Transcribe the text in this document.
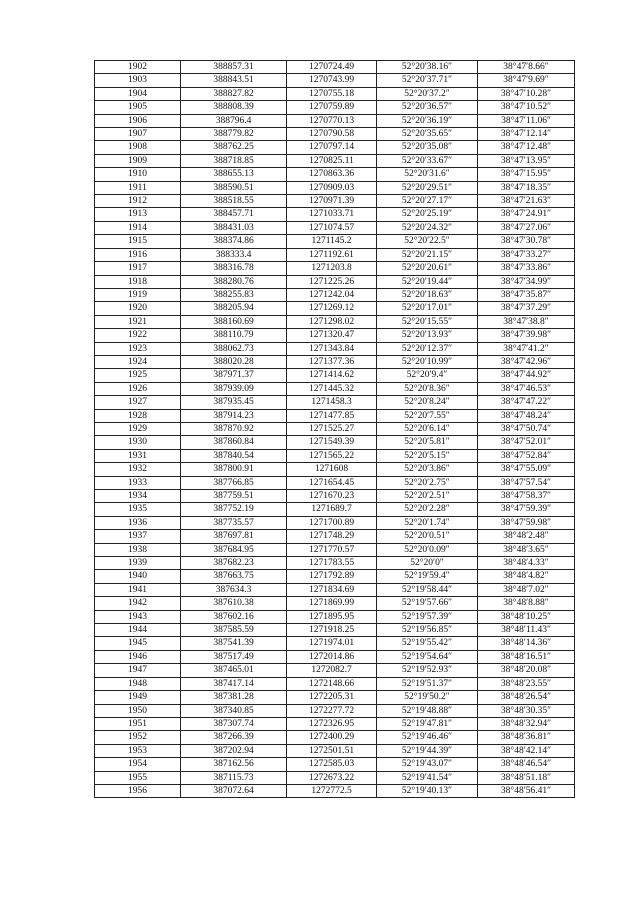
1902	388857.31	1270724.49	52°20′38.16″	38°47′8.66″
1903	388843.51	1270743.99	52°20′37.71″	38°47′9.69″
1904	388827.82	1270755.18	52°20′37.2″	38°47′10.28″
1905	388808.39	1270759.89	52°20′36.57″	38°47′10.52″
1906	388796.4	1270770.13	52°20′36.19″	38°47′11.06″
1907	388779.82	1270790.58	52°20′35.65″	38°47′12.14″
1908	388762.25	1270797.14	52°20′35.08″	38°47′12.48″
1909	388718.85	1270825.11	52°20′33.67″	38°47′13.95″
1910	388655.13	1270863.36	52°20′31.6″	38°47′15.95″
1911	388590.51	1270909.03	52°20′29.51″	38°47′18.35″
1912	388518.55	1270971.39	52°20′27.17″	38°47′21.63″
1913	388457.71	1271033.71	52°20′25.19″	38°47′24.91″
1914	388431.03	1271074.57	52°20′24.32″	38°47′27.06″
1915	388374.86	1271145.2	52°20′22.5″	38°47′30.78″
1916	388333.4	1271192.61	52°20′21.15″	38°47′33.27″
1917	388316.78	1271203.8	52°20′20.61″	38°47′33.86″
1918	388280.76	1271225.26	52°20′19.44″	38°47′34.99″
1919	388255.83	1271242.04	52°20′18.63″	38°47′35.87″
1920	388205.94	1271269.12	52°20′17.01″	38°47′37.29″
1921	388160.69	1271298.02	52°20′15.55″	38°47′38.8″
1922	388110.79	1271320.47	52°20′13.93″	38°47′39.98″
1923	388062.73	1271343.84	52°20′12.37″	38°47′41.2″
1924	388020.28	1271377.36	52°20′10.99″	38°47′42.96″
1925	387971.37	1271414.62	52°20′9.4″	38°47′44.92″
1926	387939.09	1271445.32	52°20′8.36″	38°47′46.53″
1927	387935.45	1271458.3	52°20′8.24″	38°47′47.22″
1928	387914.23	1271477.85	52°20′7.55″	38°47′48.24″
1929	387870.92	1271525.27	52°20′6.14″	38°47′50.74″
1930	387860.84	1271549.39	52°20′5.81″	38°47′52.01″
1931	387840.54	1271565.22	52°20′5.15″	38°47′52.84″
1932	387800.91	1271608	52°20′3.86″	38°47′55.09″
1933	387766.85	1271654.45	52°20′2.75″	38°47′57.54″
1934	387759.51	1271670.23	52°20′2.51″	38°47′58.37″
1935	387752.19	1271689.7	52°20′2.28″	38°47′59.39″
1936	387735.57	1271700.89	52°20′1.74″	38°47′59.98″
1937	387697.81	1271748.29	52°20′0.51″	38°48′2.48″
1938	387684.95	1271770.57	52°20′0.09″	38°48′3.65″
1939	387682.23	1271783.55	52°20′0″	38°48′4.33″
1940	387663.75	1271792.89	52°19′59.4″	38°48′4.82″
1941	387634.3	1271834.69	52°19′58.44″	38°48′7.02″
1942	387610.38	1271869.99	52°19′57.66″	38°48′8.88″
1943	387602.16	1271895.95	52°19′57.39″	38°48′10.25″
1944	387585.59	1271918.25	52°19′56.85″	38°48′11.43″
1945	387541.39	1271974.01	52°19′55.42″	38°48′14.36″
1946	387517.49	1272014.86	52°19′54.64″	38°48′16.51″
1947	387465.01	1272082.7	52°19′52.93″	38°48′20.08″
1948	387417.14	1272148.66	52°19′51.37″	38°48′23.55″
1949	387381.28	1272205.31	52°19′50.2″	38°48′26.54″
1950	387340.85	1272277.72	52°19′48.88″	38°48′30.35″
1951	387307.74	1272326.95	52°19′47.81″	38°48′32.94″
1952	387266.39	1272400.29	52°19′46.46″	38°48′36.81″
1953	387202.94	1272501.51	52°19′44.39″	38°48′42.14″
1954	387162.56	1272585.03	52°19′43.07″	38°48′46.54″
1955	387115.73	1272673.22	52°19′41.54″	38°48′51.18″
1956	387072.64	1272772.5	52°19′40.13″	38°48′56.41″
